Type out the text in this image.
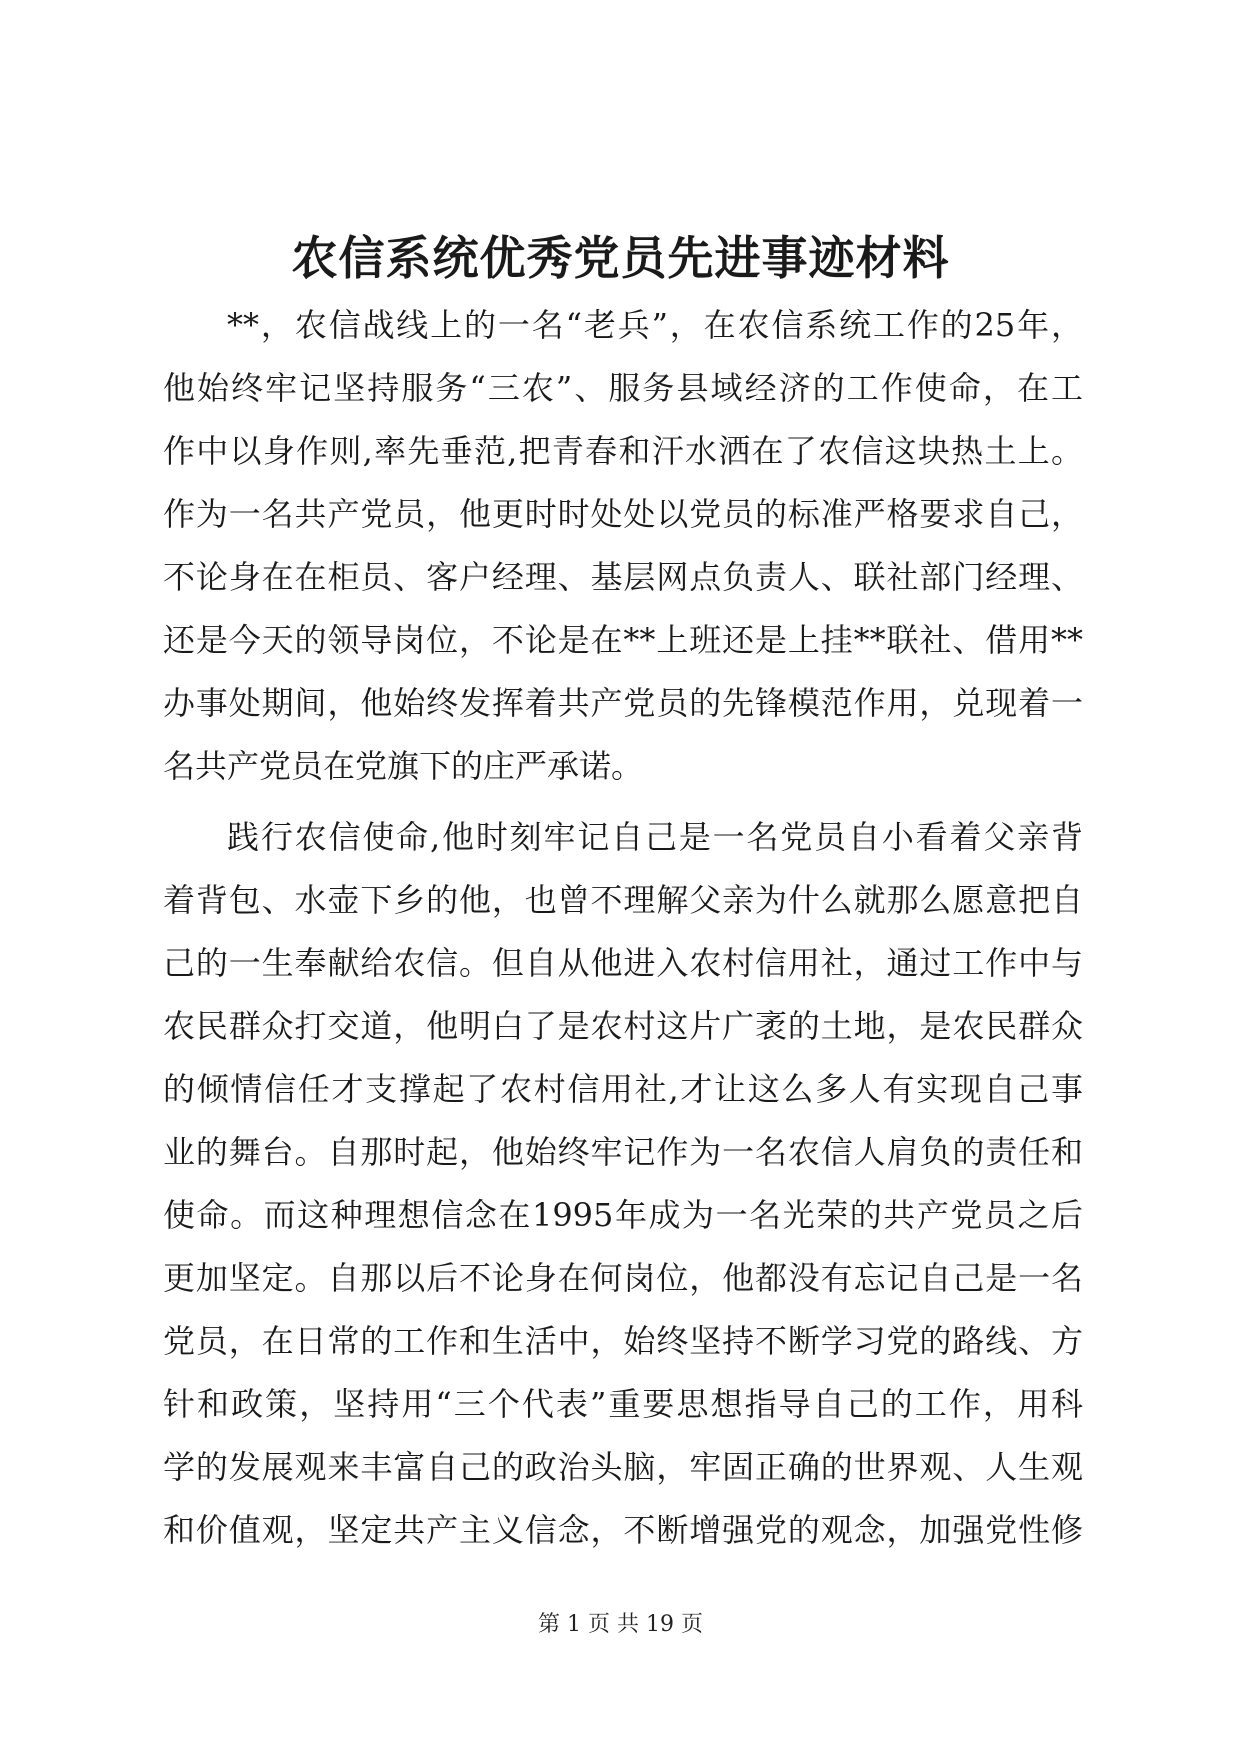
农信系统优秀党员先进事迹材料
**，农信战线上的一名“老兵”，在农信系统工作的25年，
他始终牢记坚持服务“三农”、服务县域经济的工作使命，在工
作中以身作则,率先垂范,把青春和汗水洒在了农信这块热土上。
作为一名共产党员，他更时时处处以党员的标准严格要求自己，
不论身在在柜员、客户经理、基层网点负责人、联社部门经理、
还是今天的领导岗位，不论是在**上班还是上挂**联社、借用**
办事处期间，他始终发挥着共产党员的先锋模范作用，兑现着一
名共产党员在党旗下的庄严承诺。
践行农信使命,他时刻牢记自己是一名党员自小看着父亲背
着背包、水壶下乡的他，也曾不理解父亲为什么就那么愿意把自
己的一生奉献给农信。但自从他进入农村信用社，通过工作中与
农民群众打交道，他明白了是农村这片广袤的土地，是农民群众
的倾情信任才支撑起了农村信用社,才让这么多人有实现自己事
业的舞台。自那时起，他始终牢记作为一名农信人肩负的责任和
使命。而这种理想信念在1995年成为一名光荣的共产党员之后
更加坚定。自那以后不论身在何岗位，他都没有忘记自己是一名
党员，在日常的工作和生活中，始终坚持不断学习党的路线、方
针和政策，坚持用“三个代表”重要思想指导自己的工作，用科
学的发展观来丰富自己的政治头脑，牢固正确的世界观、人生观
和价值观，坚定共产主义信念，不断增强党的观念，加强党性修
第 1 页 共 19 页
